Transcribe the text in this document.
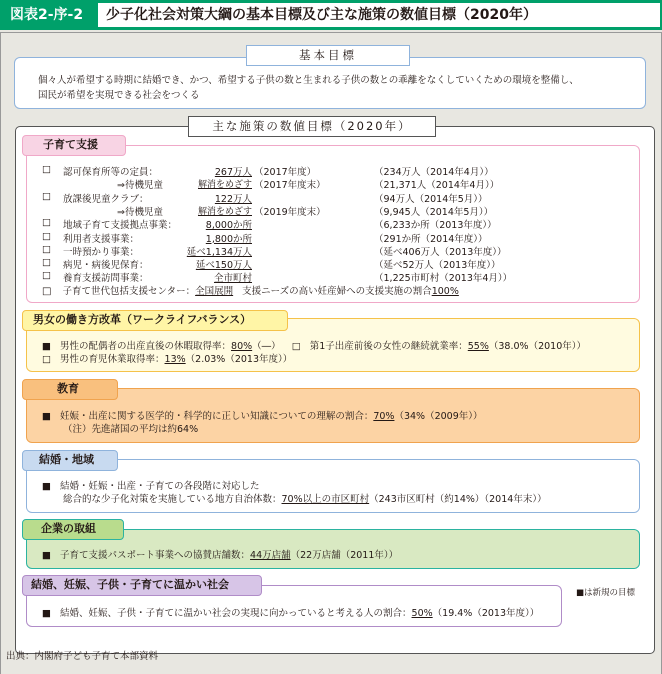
図表2-序-2	少子化社会対策大綱の基本目標及び主な施策の数値目標（2020年）
基本目標
個々人が希望する時期に結婚でき、かつ、希望する子供の数と生まれる子供の数との乖離をなくしていくための環境を整備し、
国民が希望を実現できる社会をつくる
主な施策の数値目標（2020年）
子育て支援
□ 認可保育所等の定員：	267万人 （2017年度）	（234万人（2014年4月））
⇒待機児童	解消をめざす （2017年度末）	（21,371人（2014年4月））
□ 放課後児童クラブ：	122万人	（94万人（2014年5月））
⇒待機児童	解消をめざす （2019年度末）	（9,945人（2014年5月））
□ 地域子育て支援拠点事業：	8,000か所	（6,233か所（2013年度））
□ 利用者支援事業：	1,800か所	（291か所（2014年度））
□ 一時預かり事業：	延べ1,134万人	（延べ406万人（2013年度））
□ 病児・病後児保育：	延べ150万人	（延べ52万人（2013年度））
□ 養育支援訪問事業：	全市町村	（1,225市町村（2013年4月））
□ 子育て世代包括支援センター：全国展開 支援ニーズの高い妊産婦への支援実施の割合100%
男女の働き方改革（ワークライフバランス）
■ 男性の配偶者の出産直後の休暇取得率：80%（―） □ 第1子出産前後の女性の継続就業率：55%（38.0%（2010年））
□ 男性の育児休業取得率：13%（2.03%（2013年度））
教育
■ 妊娠・出産に関する医学的・科学的に正しい知識についての理解の割合：70%（34%（2009年））
（注）先進諸国の平均は約64%
結婚・地域
■ 結婚・妊娠・出産・子育ての各段階に対応した
総合的な少子化対策を実施している地方自治体数：70%以上の市区町村（243市区町村（約14%）（2014年末））
企業の取組
■ 子育て支援パスポート事業への協賛店舗数：44万店舗（22万店舗（2011年））
結婚、妊娠、子供・子育てに温かい社会
■ 結婚、妊娠、子供・子育てに温かい社会の実現に向かっていると考える人の割合：50%（19.4%（2013年度））
■は新規の目標
出典：内閣府子ども子育て本部資料
